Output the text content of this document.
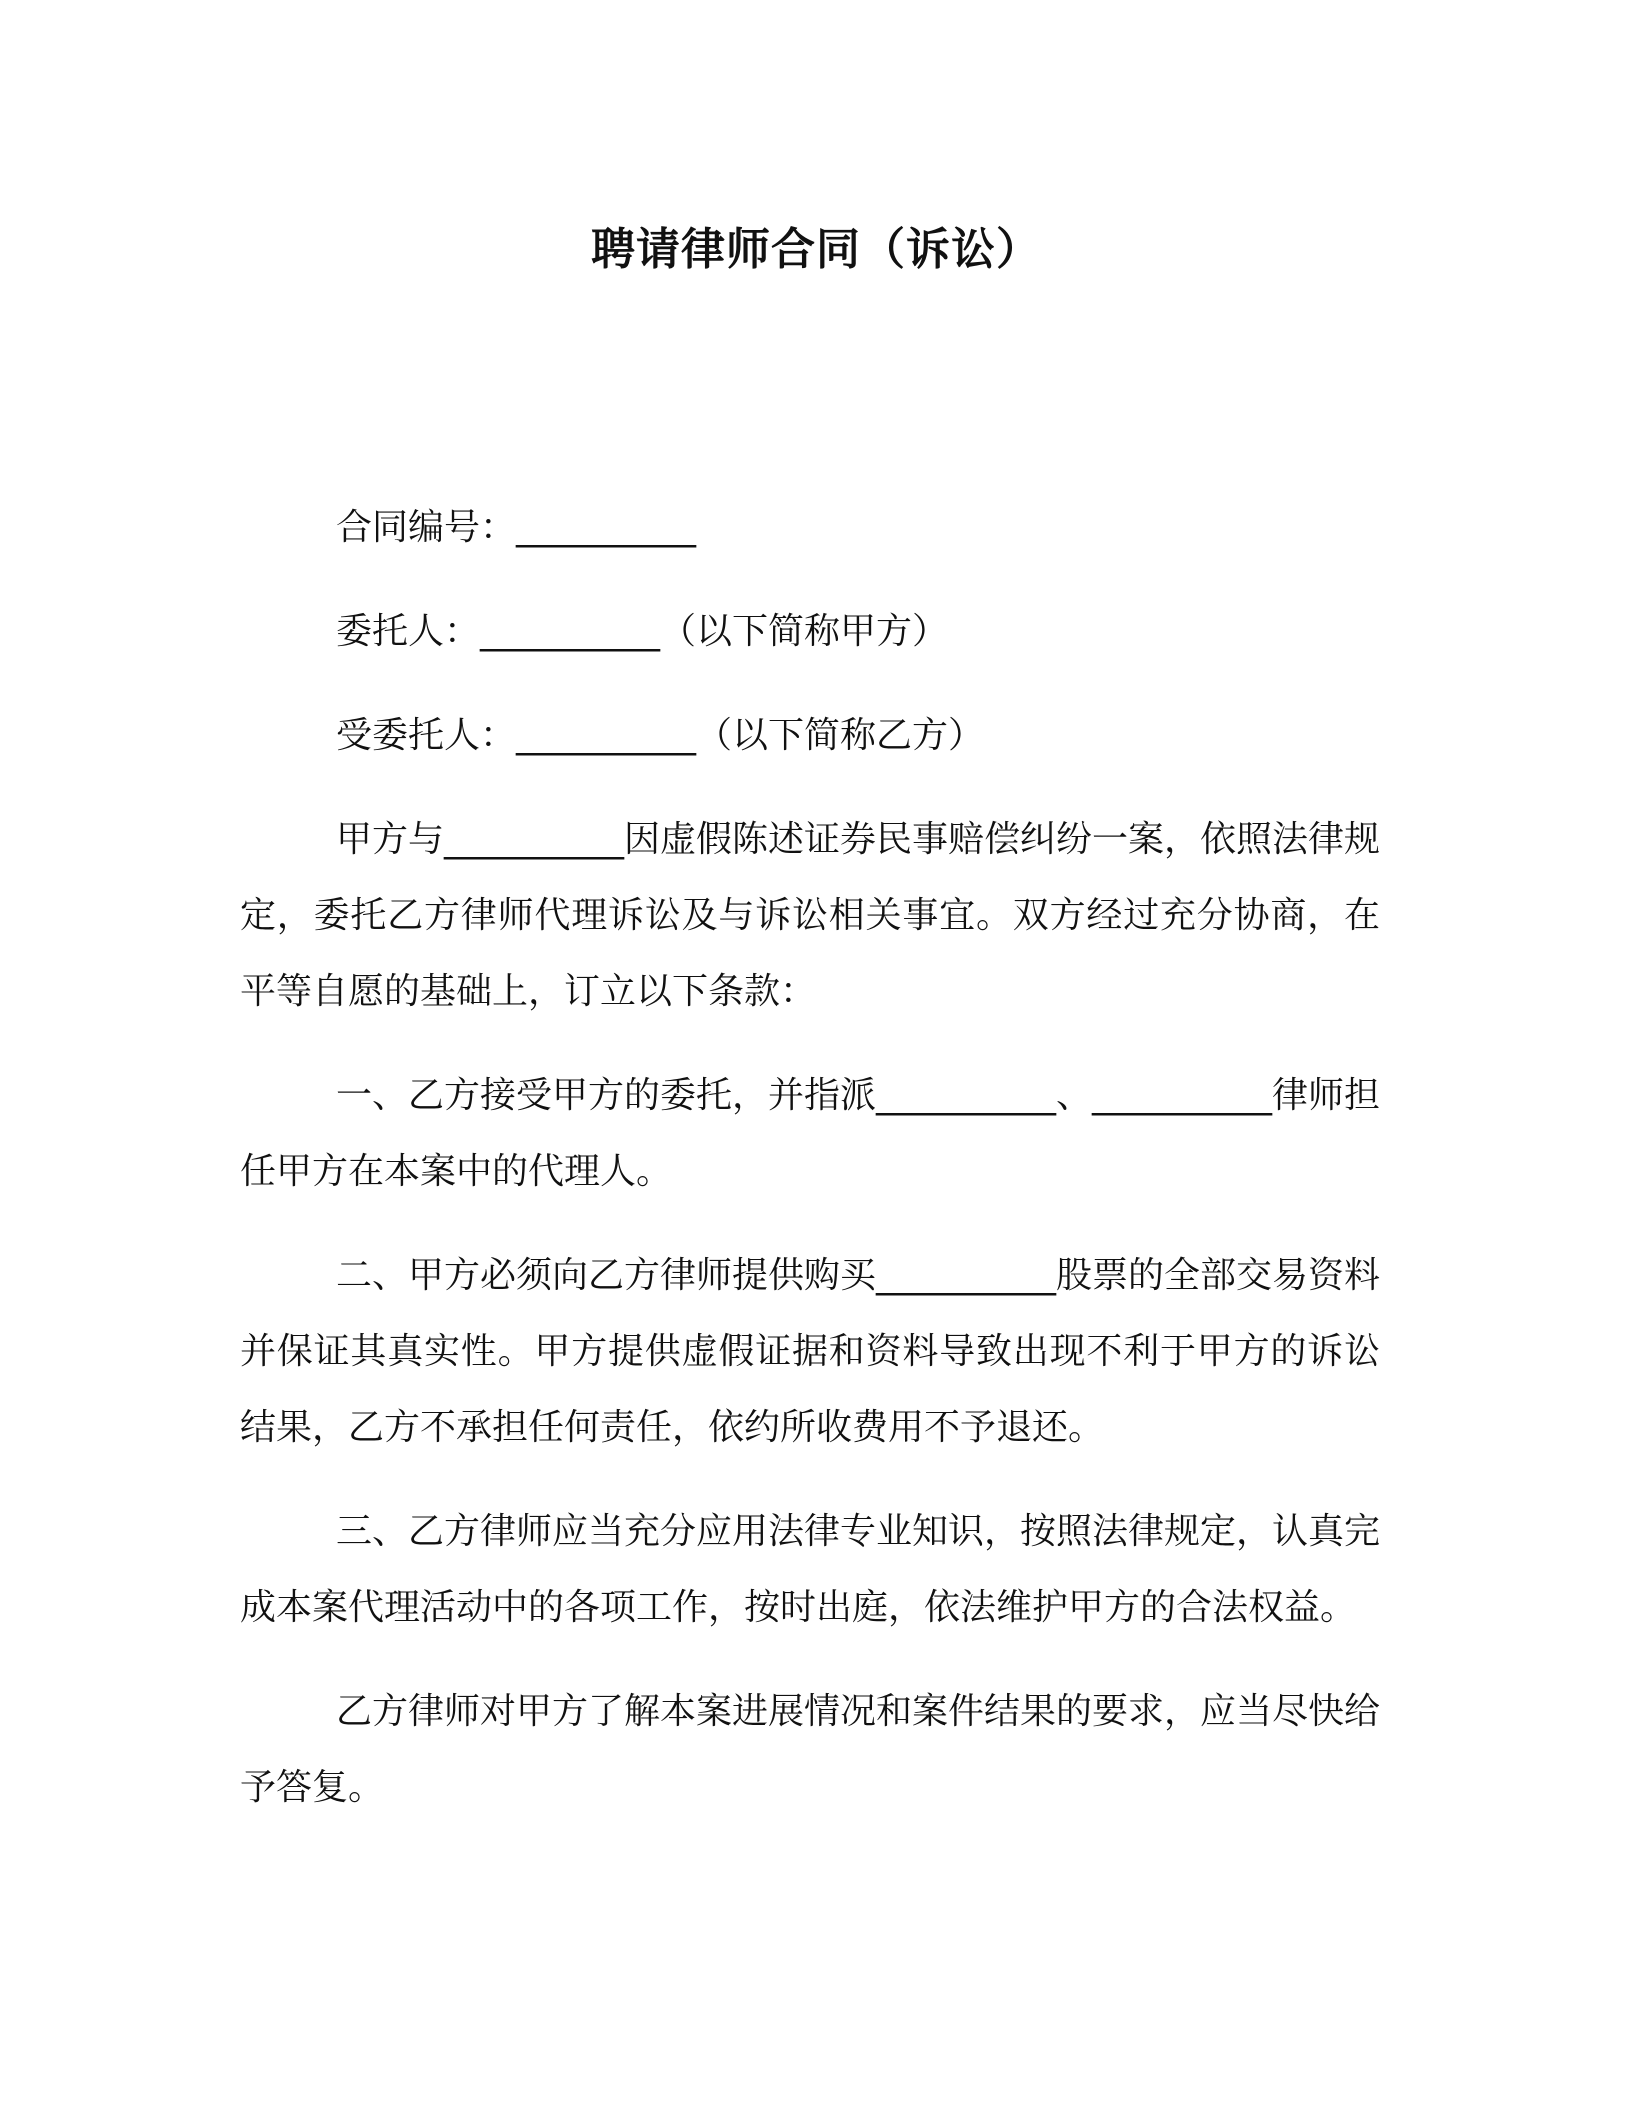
聘请律师合同（诉讼）
合同编号：__________
委托人：__________（以下简称甲方）
受委托人：__________（以下简称乙方）

甲方与__________因虚假陈述证券民事赔偿纠纷一案，依照法律规定，委托乙方律师代理诉讼及与诉讼相关事宜。双方经过充分协商，在平等自愿的基础上，订立以下条款：

一、乙方接受甲方的委托，并指派__________、__________律师担任甲方在本案中的代理人。

二、甲方必须向乙方律师提供购买__________股票的全部交易资料并保证其真实性。甲方提供虚假证据和资料导致出现不利于甲方的诉讼结果，乙方不承担任何责任，依约所收费用不予退还。

三、乙方律师应当充分应用法律专业知识，按照法律规定，认真完成本案代理活动中的各项工作，按时出庭，依法维护甲方的合法权益。

乙方律师对甲方了解本案进展情况和案件结果的要求，应当尽快给予答复。
